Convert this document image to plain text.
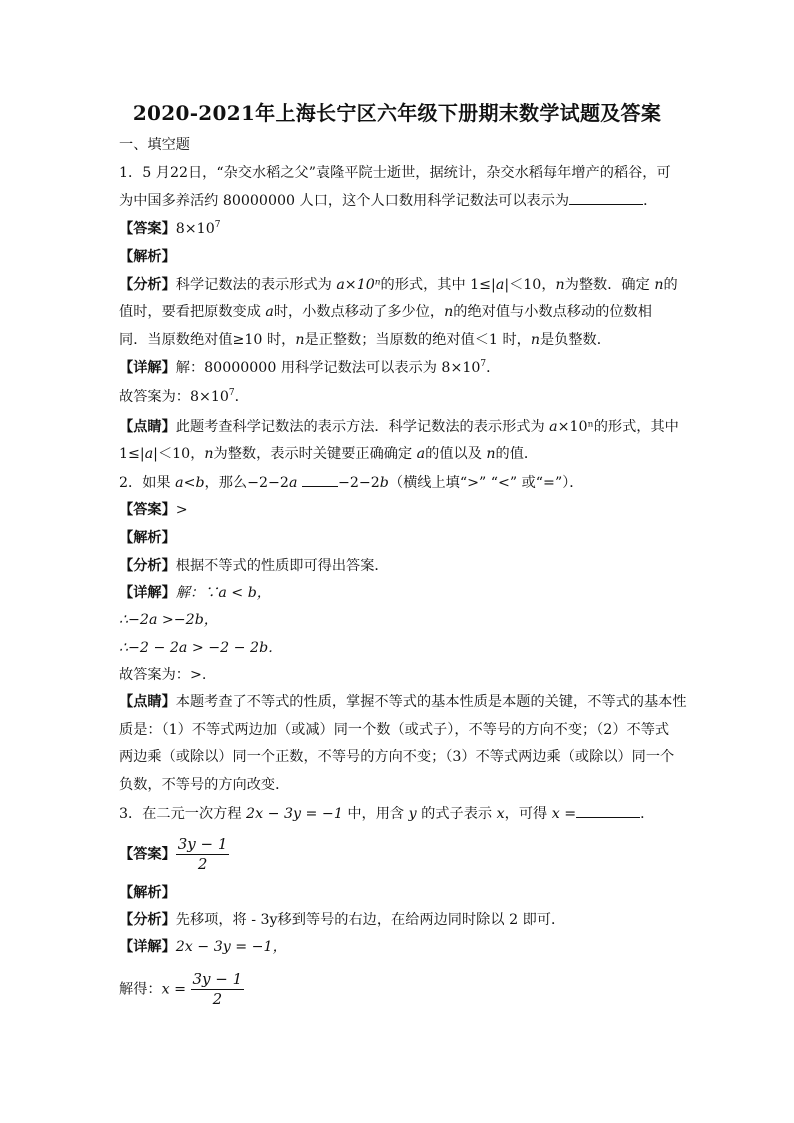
2020-2021年上海长宁区六年级下册期末数学试题及答案
一、填空题
1．5 月22日，“杂交水稻之父”袁隆平院士逝世，据统计，杂交水稻每年增产的稻谷，可
为中国多养活约 80000000 人口，这个人口数用科学记数法可以表示为	．
【答案】$8\times 10^7$
【解析】
【分析】科学记数法的表示形式为 a×10ⁿ的形式，其中 1≤|a|＜10，n为整数．确定 n的
值时，要看把原数变成 a时，小数点移动了多少位，n的绝对值与小数点移动的位数相
同．当原数绝对值≥10 时，n是正整数；当原数的绝对值＜1 时，n是负整数．
【详解】解：80000000 用科学记数法可以表示为 $8\times 10^7$．
故答案为：$8\times 10^7$．
【点睛】此题考查科学记数法的表示方法．科学记数法的表示形式为 a×10ⁿ的形式，其中
1≤|a|＜10，n为整数，表示时关键要正确确定 a的值以及 n的值．
2．如果 a<b，那么−2−2a	−2−2b（横线上填“>” “<” 或“=”）．
【答案】>
【解析】
【分析】根据不等式的性质即可得出答案．
【详解】解：∵a < b，
∴−2a >−2b，
∴−2 − 2a > −2 − 2b．
故答案为：>.
【点睛】本题考查了不等式的性质，掌握不等式的基本性质是本题的关键，不等式的基本性
质是：（1）不等式两边加（或减）同一个数（或式子），不等号的方向不变；（2）不等式
两边乘（或除以）同一个正数，不等号的方向不变；（3）不等式两边乘（或除以）同一个
负数，不等号的方向改变．
3．在二元一次方程 2x − 3y = −1 中，用含 y 的式子表示 x，可得 x =	．
【答案】 $\frac{3y - 1}{2}$
【解析】
【分析】先移项，将 - 3y移到等号的右边，在给两边同时除以 2 即可．
【详解】2x − 3y = −1，
解得：$x = \frac{3y - 1}{2}$
